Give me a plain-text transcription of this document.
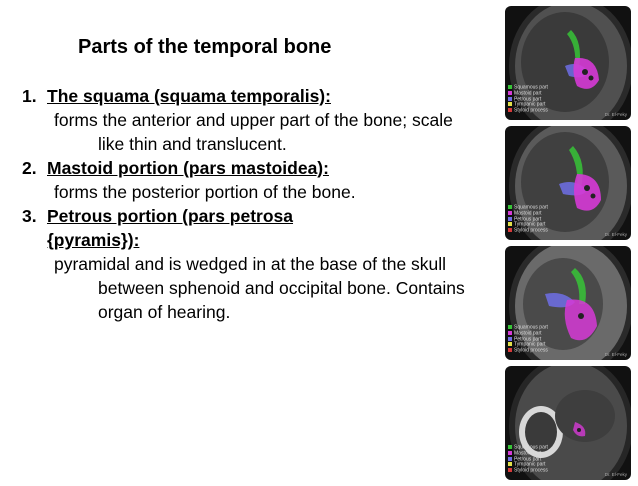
Parts of the temporal bone
1. The squama (squama temporalis):
forms the anterior and upper part of the bone; scale like thin and translucent.
2. Mastoid portion (pars mastoidea):
forms the posterior portion of the bone.
3. Petrous portion (pars petrosa
{pyramis}):
pyramidal and is wedged in at the base of the skull between sphenoid and occipital bone. Contains organ of hearing.
Squamous part
Mastoid part
Petrous part
Tympanic part
Styloid process
Dr. El-Feky
Squamous part
Mastoid part
Petrous part
Tympanic part
Styloid process
Dr. El-Feky
Squamous part
Mastoid part
Petrous part
Tympanic part
Styloid process
Dr. El-Feky
Squamous part
Mastoid part
Petrous part
Tympanic part
Styloid process
Dr. El-Feky
